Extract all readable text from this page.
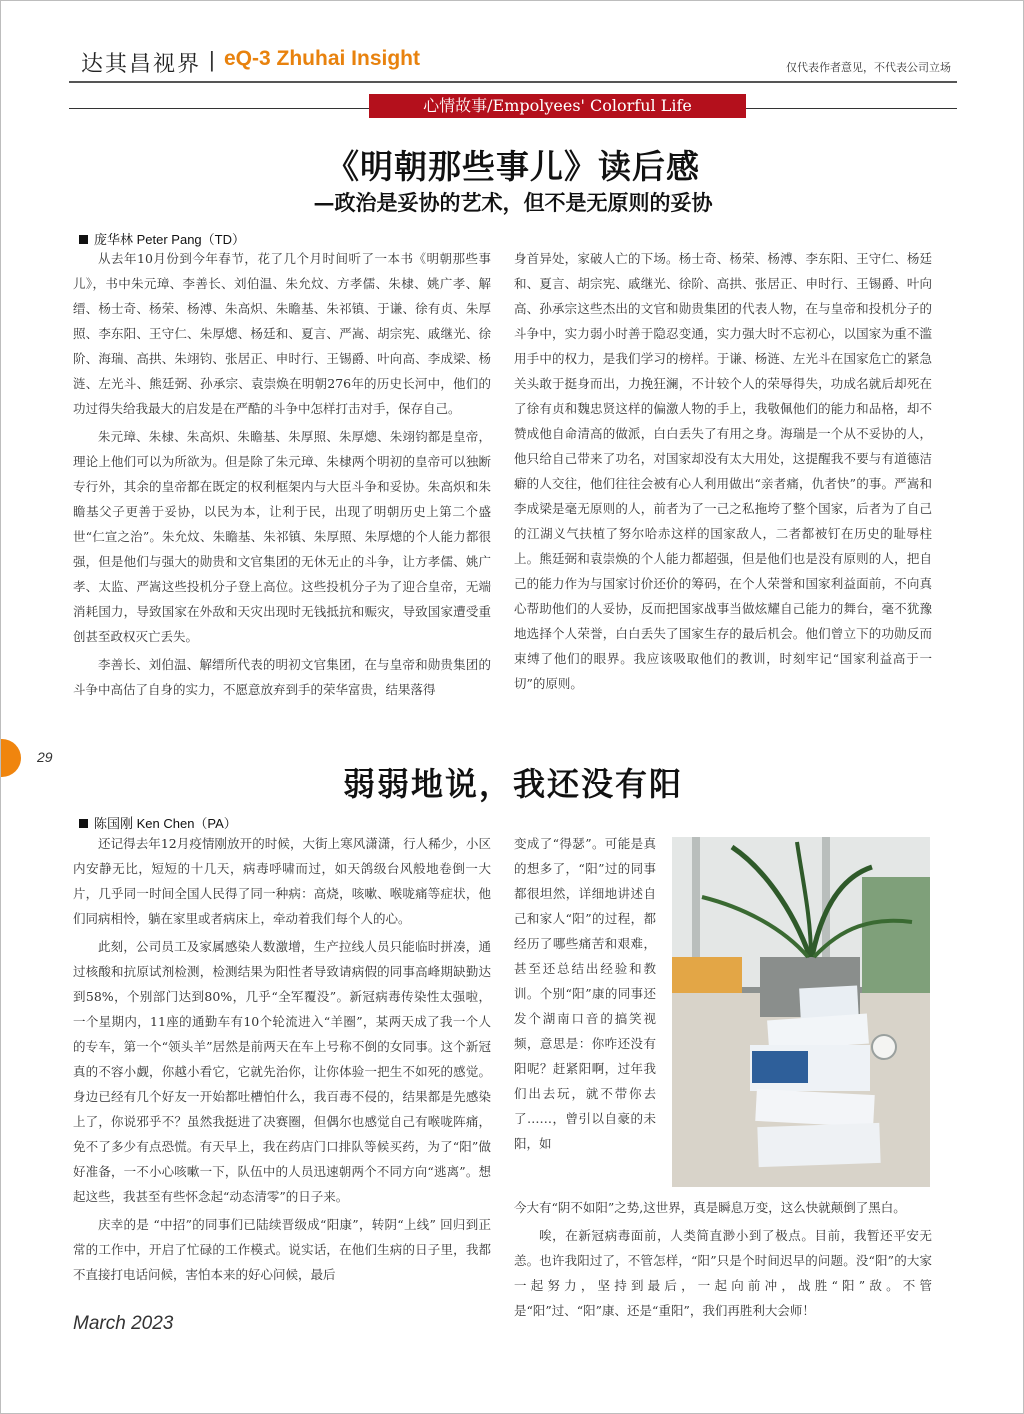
达其昌视界 | eQ-3 Zhuhai Insight	仅代表作者意见，不代表公司立场
心情故事/Empolyees' Colorful Life
《明朝那些事儿》读后感
—政治是妥协的艺术，但不是无原则的妥协
庞华林 Peter Pang（TD）

从去年10月份到今年春节，花了几个月时间听了一本书《明朝那些事儿》，书中朱元璋、李善长、刘伯温、朱允炆、方孝儒、朱棣、姚广孝、解缙、杨士奇、杨荣、杨溥、朱高炽、朱瞻基、朱祁镇、于谦、徐有贞、朱厚照、李东阳、王守仁、朱厚熜、杨廷和、夏言、严嵩、胡宗宪、戚继光、徐阶、海瑞、高拱、朱翊钧、张居正、申时行、王锡爵、叶向高、李成梁、杨涟、左光斗、熊廷弼、孙承宗、袁崇焕在明朝276年的历史长河中，他们的功过得失给我最大的启发是在严酷的斗争中怎样打击对手，保存自己。

朱元璋、朱棣、朱高炽、朱瞻基、朱厚照、朱厚熜、朱翊钧都是皇帝，理论上他们可以为所欲为。但是除了朱元璋、朱棣两个明初的皇帝可以独断专行外，其余的皇帝都在既定的权利框架内与大臣斗争和妥协。朱高炽和朱瞻基父子更善于妥协，以民为本，让利于民，出现了明朝历史上第二个盛世“仁宣之治”。朱允炆、朱瞻基、朱祁镇、朱厚照、朱厚熜的个人能力都很强，但是他们与强大的勋贵和文官集团的无休无止的斗争，让方孝儒、姚广孝、太监、严嵩这些投机分子登上高位。这些投机分子为了迎合皇帝，无端消耗国力，导致国家在外敌和天灾出现时无钱抵抗和赈灾，导致国家遭受重创甚至政权灭亡丢失。

李善长、刘伯温、解缙所代表的明初文官集团，在与皇帝和勋贵集团的斗争中高估了自身的实力，不愿意放弃到手的荣华富贵，结果落得

身首异处，家破人亡的下场。杨士奇、杨荣、杨溥、李东阳、王守仁、杨廷和、夏言、胡宗宪、戚继光、徐阶、高拱、张居正、申时行、王锡爵、叶向高、孙承宗这些杰出的文官和勋贵集团的代表人物，在与皇帝和投机分子的斗争中，实力弱小时善于隐忍变通，实力强大时不忘初心，以国家为重不滥用手中的权力，是我们学习的榜样。于谦、杨涟、左光斗在国家危亡的紧急关头敢于挺身而出，力挽狂澜，不计较个人的荣辱得失，功成名就后却死在了徐有贞和魏忠贤这样的偏激人物的手上，我敬佩他们的能力和品格，却不赞成他自命清高的做派，白白丢失了有用之身。海瑞是一个从不妥协的人，他只给自己带来了功名，对国家却没有太大用处，这提醒我不要与有道德洁癖的人交往，他们往往会被有心人利用做出“亲者痛，仇者快”的事。严嵩和李成梁是毫无原则的人，前者为了一己之私拖垮了整个国家，后者为了自己的江湖义气扶植了努尔哈赤这样的国家敌人，二者都被钉在历史的耻辱柱上。熊廷弼和袁崇焕的个人能力都超强，但是他们也是没有原则的人，把自己的能力作为与国家讨价还价的筹码，在个人荣誉和国家利益面前，不向真心帮助他们的人妥协，反而把国家战事当做炫耀自己能力的舞台，毫不犹豫地选择个人荣誉，白白丢失了国家生存的最后机会。他们曾立下的功勋反而束缚了他们的眼界。我应该吸取他们的教训，时刻牢记“国家利益高于一切”的原则。

29
弱弱地说，我还没有阳
陈国刚 Ken Chen（PA）

还记得去年12月疫情刚放开的时候，大街上寒风潇潇，行人稀少，小区内安静无比，短短的十几天，病毒呼啸而过，如天鸽级台风般地卷倒一大片，几乎同一时间全国人民得了同一种病：高烧，咳嗽、喉咙痛等症状，他们同病相怜，躺在家里或者病床上，牵动着我们每个人的心。

此刻，公司员工及家属感染人数激增，生产拉线人员只能临时拼凑，通过核酸和抗原试剂检测，检测结果为阳性者导致请病假的同事高峰期缺勤达到58%，个别部门达到80%，几乎“全军覆没”。新冠病毒传染性太强啦，一个星期内，11座的通勤车有10个轮流进入“羊圈”，某两天成了我一个人的专车，第一个“领头羊”居然是前两天在车上号称不倒的女同事。这个新冠真的不容小觑，你越小看它，它就先治你，让你体验一把生不如死的感觉。身边已经有几个好友一开始都吐槽怕什么，我百毒不侵的，结果都是先感染上了，你说邪乎不？虽然我挺进了决赛圈，但偶尔也感觉自己有喉咙阵痛，免不了多少有点恐慌。有天早上，我在药店门口排队等候买药，为了“阳”做好准备，一不小心咳嗽一下，队伍中的人员迅速朝两个不同方向“逃离”。想起这些，我甚至有些怀念起“动态清零”的日子来。

庆幸的是 “中招”的同事们已陆续晋级成“阳康”，转阴“上线” 回归到正常的工作中，开启了忙碌的工作模式。说实话，在他们生病的日子里，我都不直接打电话问候，害怕本来的好心问候，最后

变成了“得瑟”。可能是真的想多了，“阳”过的同事都很坦然，详细地讲述自己和家人“阳”的过程，都经历了哪些痛苦和艰难，甚至还总结出经验和教训。个别“阳”康的同事还发个湖南口音的搞笑视频，意思是：你咋还没有阳呢？赶紧阳啊，过年我们出去玩，就不带你去了……，曾引以自豪的未阳，如

今大有“阴不如阳”之势,这世界，真是瞬息万变，这么快就颠倒了黑白。

唉，在新冠病毒面前，人类简直渺小到了极点。目前，我暂还平安无恙。也许我阳过了，不管怎样，“阳”只是个时间迟早的问题。没“阳”的大家一起努力，坚持到最后，一起向前冲，战胜“阳”敌。不管是“阳”过、“阳”康、还是“重阳”，我们再胜利大会师！

March 2023
